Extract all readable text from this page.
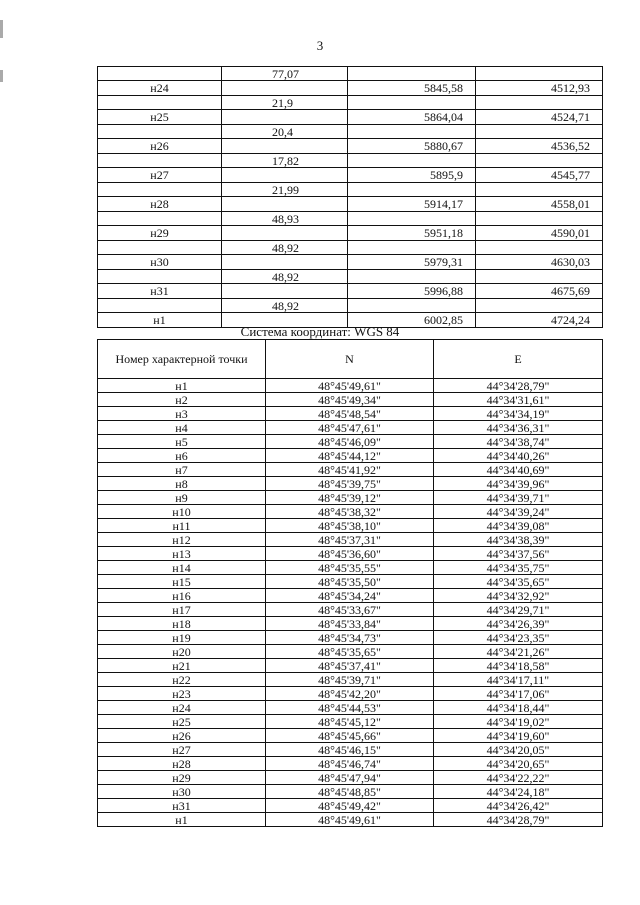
3
	77,07		
н24		5845,58	4512,93
	21,9		
н25		5864,04	4524,71
	20,4		
н26		5880,67	4536,52
	17,82		
н27		5895,9	4545,77
	21,99		
н28		5914,17	4558,01
	48,93		
н29		5951,18	4590,01
	48,92		
н30		5979,31	4630,03
	48,92		
н31		5996,88	4675,69
	48,92		
н1		6002,85	4724,24
Система координат: WGS 84
Номер характерной точки	N	E
н1	48°45'49,61"	44°34'28,79"
н2	48°45'49,34"	44°34'31,61"
н3	48°45'48,54"	44°34'34,19"
н4	48°45'47,61"	44°34'36,31"
н5	48°45'46,09"	44°34'38,74"
н6	48°45'44,12"	44°34'40,26"
н7	48°45'41,92"	44°34'40,69"
н8	48°45'39,75"	44°34'39,96"
н9	48°45'39,12"	44°34'39,71"
н10	48°45'38,32"	44°34'39,24"
н11	48°45'38,10"	44°34'39,08"
н12	48°45'37,31"	44°34'38,39"
н13	48°45'36,60"	44°34'37,56"
н14	48°45'35,55"	44°34'35,75"
н15	48°45'35,50"	44°34'35,65"
н16	48°45'34,24"	44°34'32,92"
н17	48°45'33,67"	44°34'29,71"
н18	48°45'33,84"	44°34'26,39"
н19	48°45'34,73"	44°34'23,35"
н20	48°45'35,65"	44°34'21,26"
н21	48°45'37,41"	44°34'18,58"
н22	48°45'39,71"	44°34'17,11"
н23	48°45'42,20"	44°34'17,06"
н24	48°45'44,53"	44°34'18,44"
н25	48°45'45,12"	44°34'19,02"
н26	48°45'45,66"	44°34'19,60"
н27	48°45'46,15"	44°34'20,05"
н28	48°45'46,74"	44°34'20,65"
н29	48°45'47,94"	44°34'22,22"
н30	48°45'48,85"	44°34'24,18"
н31	48°45'49,42"	44°34'26,42"
н1	48°45'49,61"	44°34'28,79"
